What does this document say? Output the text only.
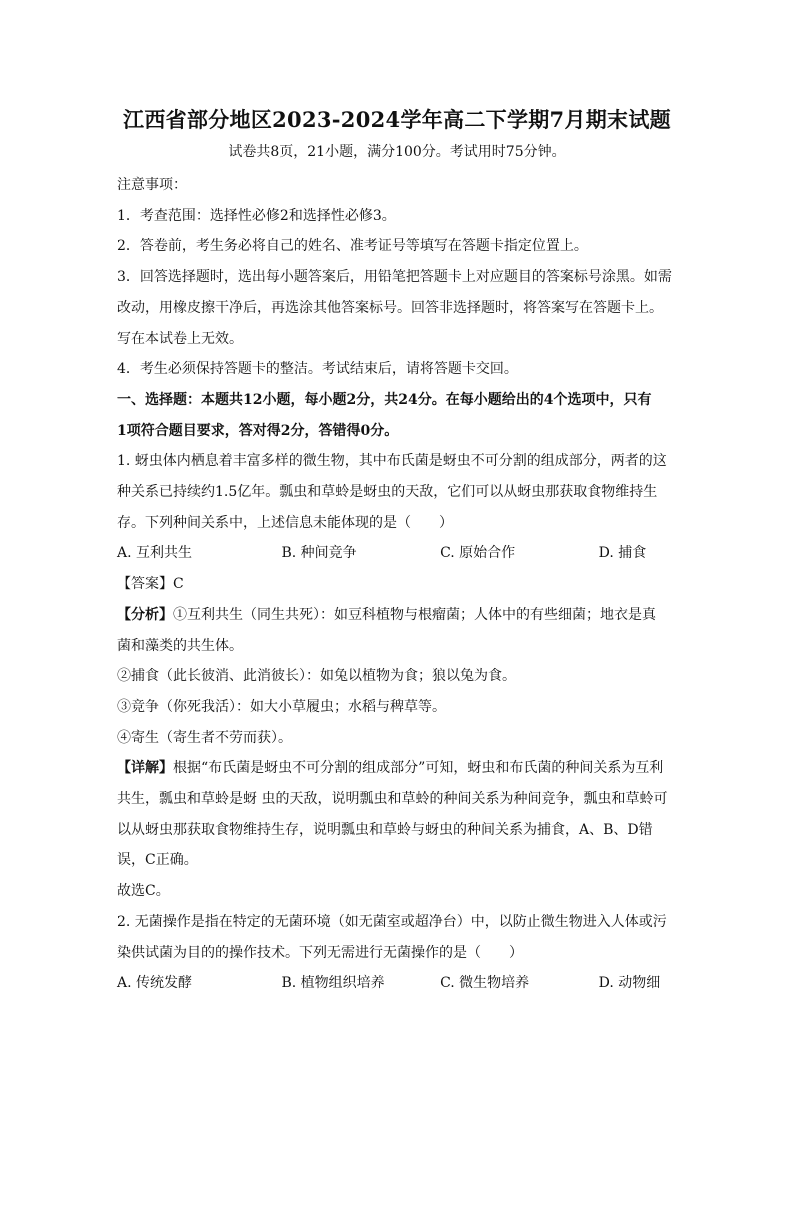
江西省部分地区2023-2024学年高二下学期7月期末试题
试卷共8页，21小题，满分100分。考试用时75分钟。
注意事项：
1．考查范围：选择性必修2和选择性必修3。
2．答卷前，考生务必将自己的姓名、准考证号等填写在答题卡指定位置上。
3．回答选择题时，选出每小题答案后，用铅笔把答题卡上对应题目的答案标号涂黑。如需
改动，用橡皮擦干净后，再选涂其他答案标号。回答非选择题时，将答案写在答题卡上。
写在本试卷上无效。
4．考生必须保持答题卡的整洁。考试结束后，请将答题卡交回。
一、选择题：本题共12小题，每小题2分，共24分。在每小题给出的4个选项中，只有
1项符合题目要求，答对得2分，答错得0分。
1. 蚜虫体内栖息着丰富多样的微生物，其中布氏菌是蚜虫不可分割的组成部分，两者的这
种关系已持续约1.5亿年。瓢虫和草蛉是蚜虫的天敌，它们可以从蚜虫那获取食物维持生
存。下列种间关系中，上述信息未能体现的是（　　）
A. 互利共生	B. 种间竞争	C. 原始合作	D. 捕食
【答案】C
【分析】①互利共生（同生共死）：如豆科植物与根瘤菌；人体中的有些细菌；地衣是真
菌和藻类的共生体。
②捕食（此长彼消、此消彼长）：如兔以植物为食；狼以兔为食。
③竞争（你死我活）：如大小草履虫；水稻与稗草等。
④寄生（寄生者不劳而获）。
【详解】根据“布氏菌是蚜虫不可分割的组成部分”可知，蚜虫和布氏菌的种间关系为互利
共生，瓢虫和草蛉是蚜 虫的天敌，说明瓢虫和草蛉的种间关系为种间竞争，瓢虫和草蛉可
以从蚜虫那获取食物维持生存，说明瓢虫和草蛉与蚜虫的种间关系为捕食，A、B、D错
误，C正确。
故选C。
2. 无菌操作是指在特定的无菌环境（如无菌室或超净台）中，以防止微生物进入人体或污
染供试菌为目的的操作技术。下列无需进行无菌操作的是（　　）
A. 传统发酵	B. 植物组织培养	C. 微生物培养	D. 动物细
